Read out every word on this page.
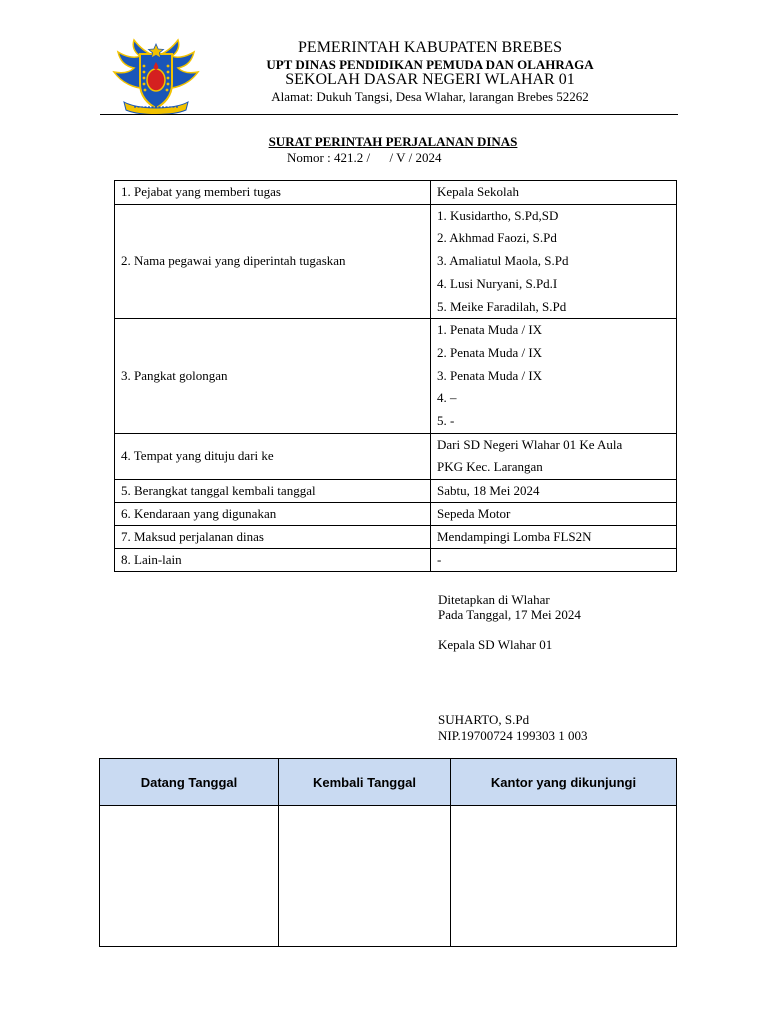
PEMERINTAH KABUPATEN BREBES
UPT DINAS PENDIDIKAN PEMUDA DAN OLAHRAGA
SEKOLAH DASAR NEGERI WLAHAR 01
Alamat: Dukuh Tangsi, Desa Wlahar, larangan Brebes 52262
SURAT PERINTAH PERJALANAN DINAS
Nomor : 421.2 /      / V / 2024
1. Pejabat yang memberi tugas	Kepala Sekolah

2. Nama pegawai yang diperintah tugaskan	1. Kusidartho, S.Pd,SD
2. Akhmad Faozi, S.Pd
3. Amaliatul Maola, S.Pd
4. Lusi Nuryani, S.Pd.I
5. Meike Faradilah, S.Pd

3. Pangkat golongan	1. Penata Muda / IX
2. Penata Muda / IX
3. Penata Muda / IX
4. –
5. -

4. Tempat yang dituju dari ke	Dari SD Negeri Wlahar 01 Ke Aula
PKG Kec. Larangan

5. Berangkat tanggal kembali tanggal	Sabtu, 18 Mei 2024
6. Kendaraan yang digunakan	Sepeda Motor
7. Maksud perjalanan dinas	Mendampingi Lomba FLS2N
8. Lain-lain	-
Ditetapkan di Wlahar
Pada Tanggal, 17 Mei 2024
Kepala SD Wlahar 01
SUHARTO, S.Pd
NIP.19700724 199303 1 003
Datang Tanggal	Kembali Tanggal	Kantor yang dikunjungi
